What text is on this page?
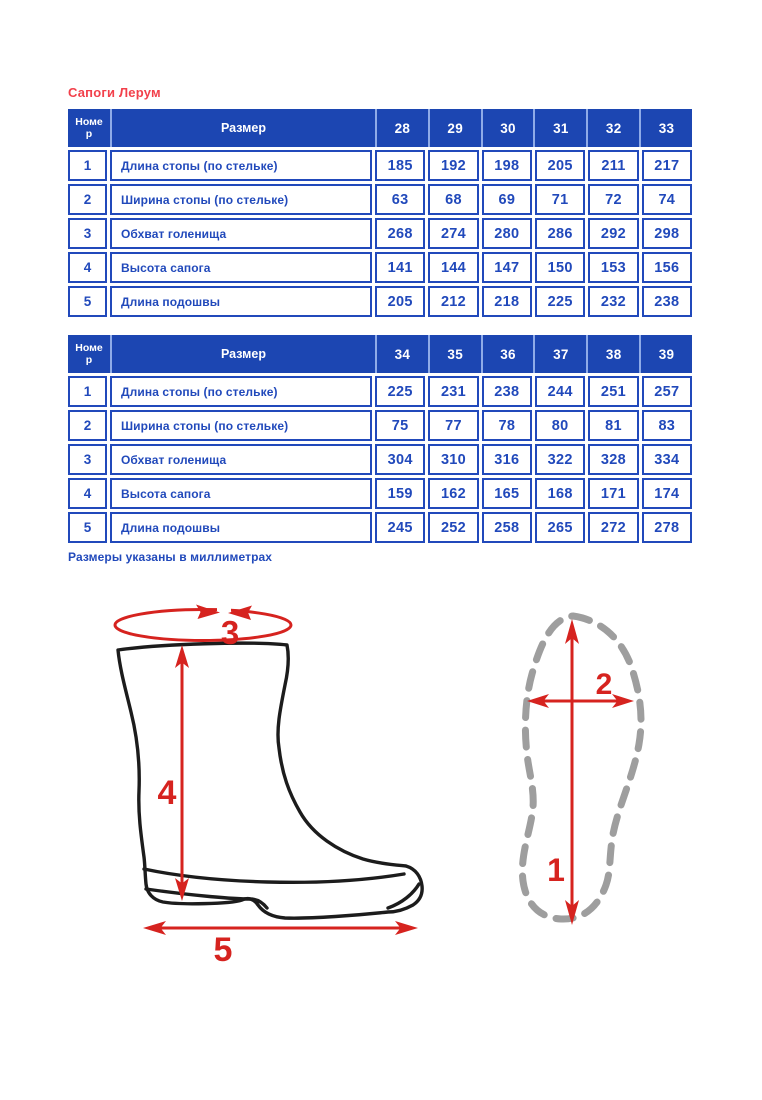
Сапоги Лерум
Номер	Размер	28	29	30	31	32	33
1	Длина стопы (по стельке)	185	192	198	205	211	217
2	Ширина стопы (по стельке)	63	68	69	71	72	74
3	Обхват голенища	268	274	280	286	292	298
4	Высота сапога	141	144	147	150	153	156
5	Длина подошвы	205	212	218	225	232	238
Номер	Размер	34	35	36	37	38	39
1	Длина стопы (по стельке)	225	231	238	244	251	257
2	Ширина стопы (по стельке)	75	77	78	80	81	83
3	Обхват голенища	304	310	316	322	328	334
4	Высота сапога	159	162	165	168	171	174
5	Длина подошвы	245	252	258	265	272	278
Размеры указаны в миллиметрах
3
4
5
1
2
